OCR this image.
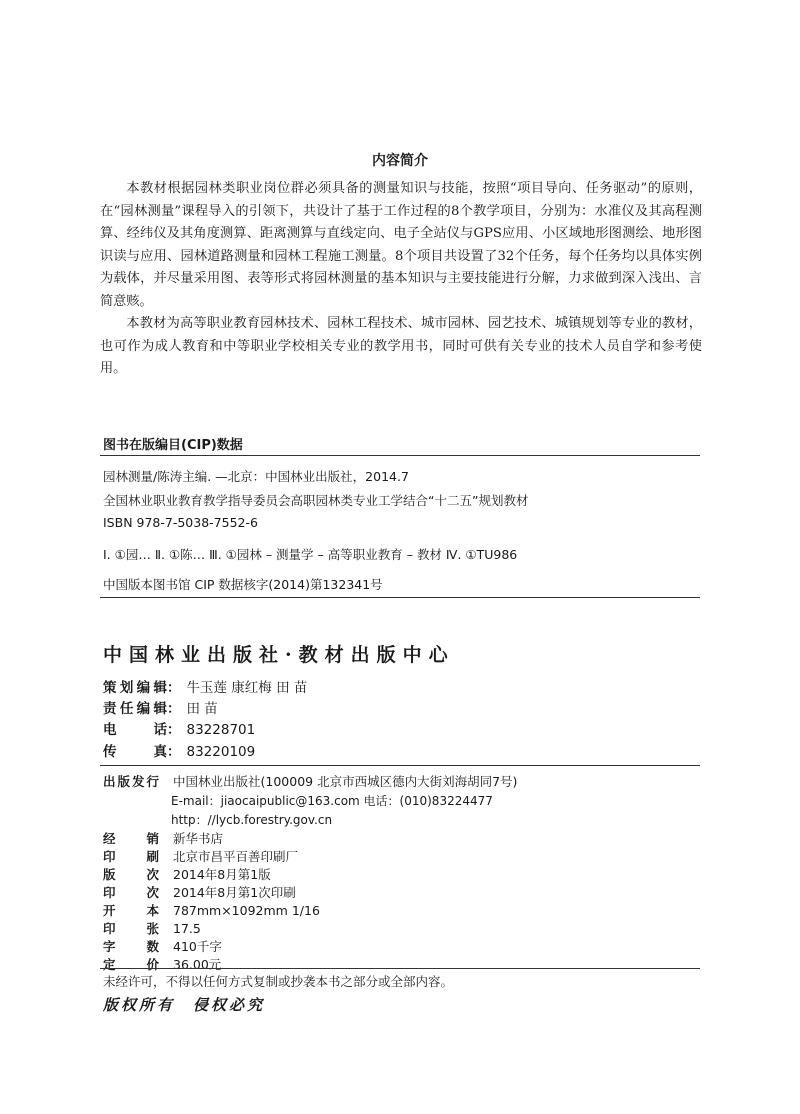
内容简介

本教材根据园林类职业岗位群必须具备的测量知识与技能，按照“项目导向、任务驱动”的原则，在“园林测量”课程导入的引领下，共设计了基于工作过程的8个教学项目，分别为：水准仪及其高程测算、经纬仪及其角度测算、距离测算与直线定向、电子全站仪与GPS应用、小区域地形图测绘、地形图识读与应用、园林道路测量和园林工程施工测量。8个项目共设置了32个任务，每个任务均以具体实例为载体，并尽量采用图、表等形式将园林测量的基本知识与主要技能进行分解，力求做到深入浅出、言简意赅。

本教材为高等职业教育园林技术、园林工程技术、城市园林、园艺技术、城镇规划等专业的教材，也可作为成人教育和中等职业学校相关专业的教学用书，同时可供有关专业的技术人员自学和参考使用。

图书在版编目(CIP)数据
园林测量/陈涛主编. —北京：中国林业出版社，2014.7
全国林业职业教育教学指导委员会高职园林类专业工学结合“十二五”规划教材
ISBN 978-7-5038-7552-6
Ⅰ. ①园… Ⅱ. ①陈… Ⅲ. ①园林 – 测量学 – 高等职业教育 – 教材 Ⅳ. ①TU986
中国版本图书馆 CIP 数据核字(2014)第132341号
中国林业出版社·教材出版中心
策划编辑： 牛玉莲 康红梅 田 苗
责任编辑： 田 苗
电 话： 83228701
传 真： 83220109
出版发行 中国林业出版社(100009 北京市西城区德内大街刘海胡同7号)
E-mail：jiaocaipublic@163.com 电话：(010)83224477
http：//lycb.forestry.gov.cn
经 销 新华书店
印 刷 北京市昌平百善印刷厂
版 次 2014年8月第1版
印 次 2014年8月第1次印刷
开 本 787mm×1092mm 1/16
印 张 17.5
字 数 410千字
定 价 36.00元
未经许可，不得以任何方式复制或抄袭本书之部分或全部内容。
版权所有 侵权必究
